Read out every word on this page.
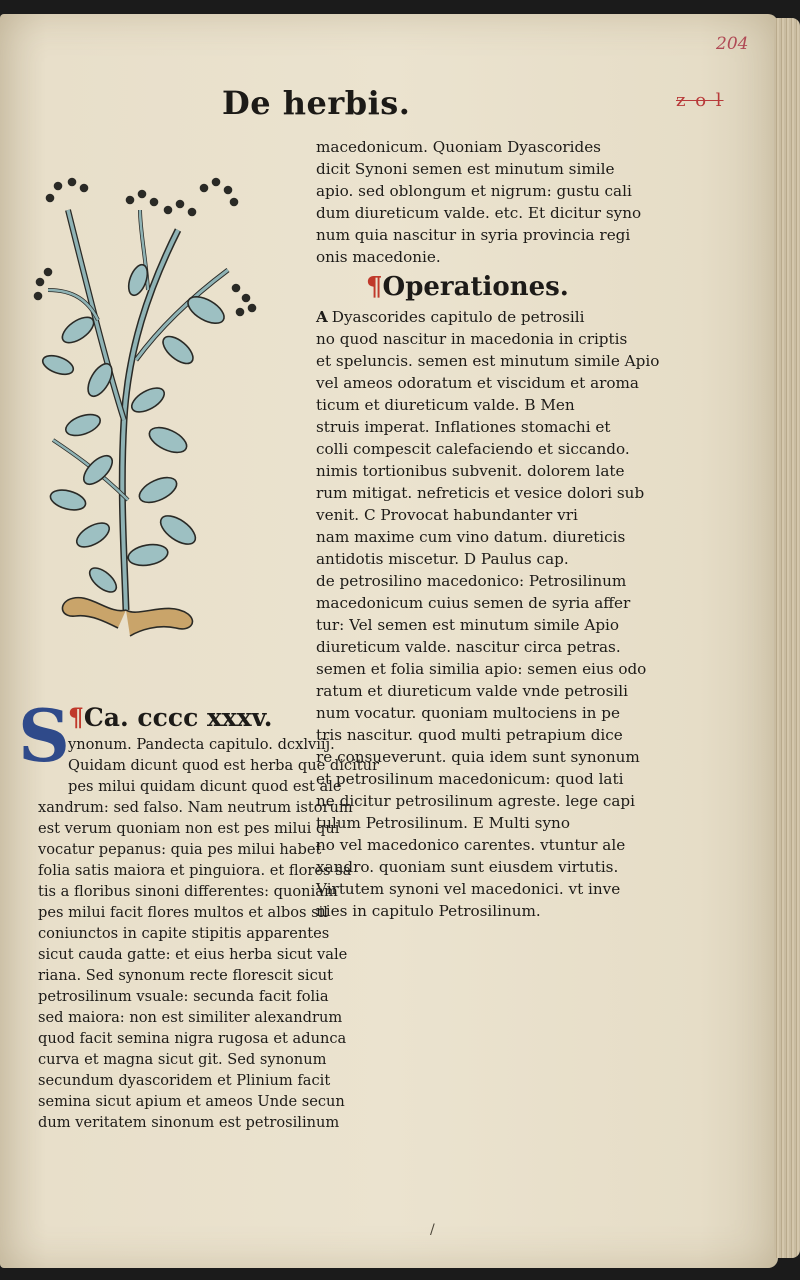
204
z o l
De herbis.

macedonicum. Quoniam Dyascorides

dicit Synoni semen est minutum simile

apio. sed oblongum et nigrum: gustu cali

dum diureticum valde. etc. Et dicitur syno

num quia nascitur in syria provincia regi

onis macedonie.

¶Operationes.

A Dyascorides capitulo de petrosili

no quod nascitur in macedonia in criptis

et speluncis. semen est minutum simile Apio

vel ameos odoratum et viscidum et aroma

ticum et diureticum valde. B Men

struis imperat. Inflationes stomachi et

colli compescit calefaciendo et siccando.

nimis tortionibus subvenit. dolorem late

rum mitigat. nefreticis et vesice dolori sub

venit. C Provocat habundanter vri

nam maxime cum vino datum. diureticis

antidotis miscetur. D Paulus cap.

de petrosilino macedonico: Petrosilinum

macedonicum cuius semen de syria affer

tur: Vel semen est minutum simile Apio

diureticum valde. nascitur circa petras.

semen et folia similia apio: semen eius odo

ratum et diureticum valde vnde petrosili

num vocatur. quoniam multociens in pe

tris nascitur. quod multi petrapium dice

re consueverunt. quia idem sunt synonum

et petrosilinum macedonicum: quod lati

ne dicitur petrosilinum agreste. lege capi

tulum Petrosilinum. E Multi syno

no vel macedonico carentes. vtuntur ale

xandro. quoniam sunt eiusdem virtutis.

Virtutem synoni vel macedonici. vt inve

nies in capitulo Petrosilinum.

¶Ca. cccc xxxv.

ynonum. Pandecta capitulo. dcxlviij.

Quidam dicunt quod est herba que dicitur

pes milui quidam dicunt quod est ale

xandrum: sed falso. Nam neutrum istorum

est verum quoniam non est pes milui qui

vocatur pepanus: quia pes milui habet

folia satis maiora et pinguiora. et flores sa

tis a floribus sinoni differentes: quoniam

pes milui facit flores multos et albos sil

coniunctos in capite stipitis apparentes

sicut cauda gatte: et eius herba sicut vale

riana. Sed synonum recte florescit sicut

petrosilinum vsuale: secunda facit folia

sed maiora: non est similiter alexandrum

quod facit semina nigra rugosa et adunca

curva et magna sicut git. Sed synonum

secundum dyascoridem et Plinium facit

semina sicut apium et ameos Unde secun

dum veritatem sinonum est petrosilinum

S
/
